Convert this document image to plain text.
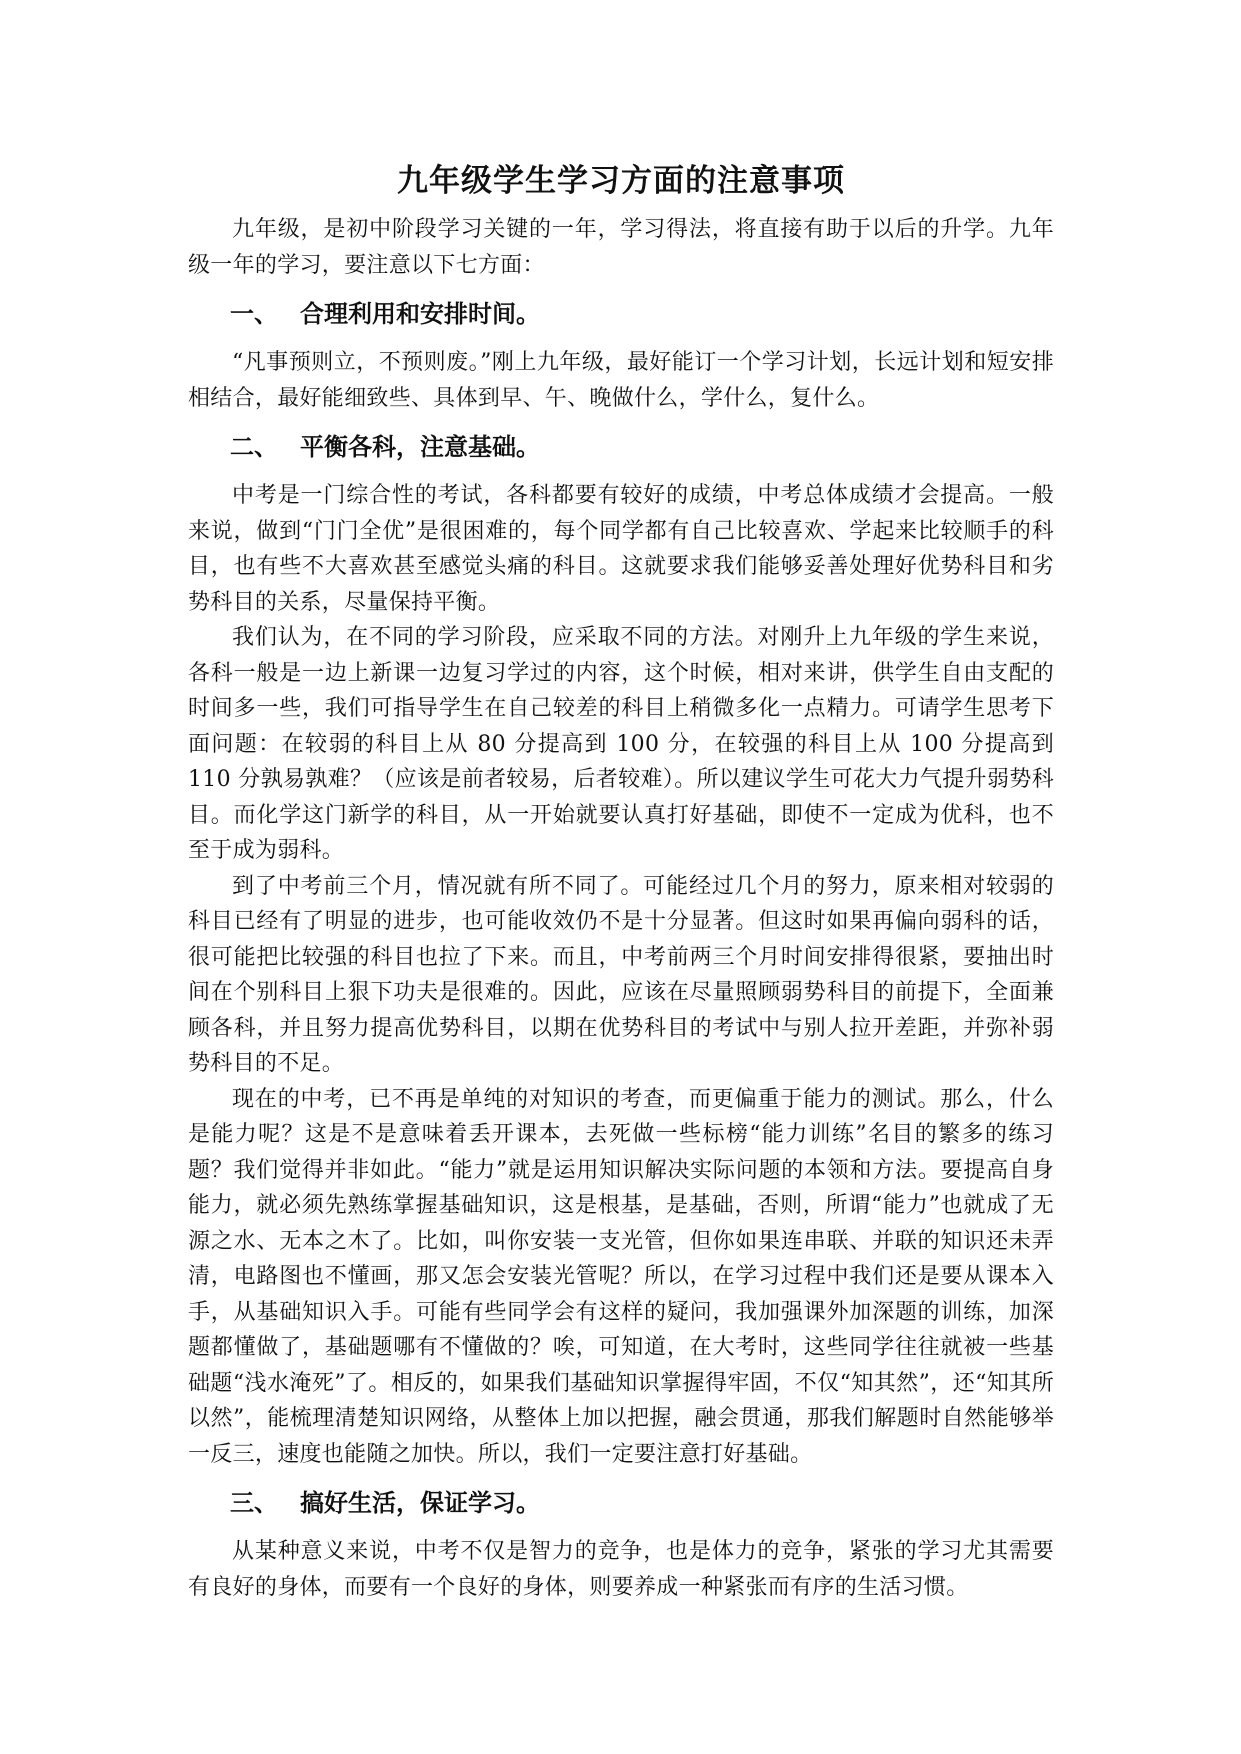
九年级学生学习方面的注意事项

九年级，是初中阶段学习关键的一年，学习得法，将直接有助于以后的升学。九年级一年的学习，要注意以下七方面：

一、 合理利用和安排时间。

“凡事预则立，不预则废。”刚上九年级，最好能订一个学习计划，长远计划和短安排相结合，最好能细致些、具体到早、午、晚做什么，学什么，复什么。

二、 平衡各科，注意基础。

中考是一门综合性的考试，各科都要有较好的成绩，中考总体成绩才会提高。一般来说，做到“门门全优”是很困难的，每个同学都有自己比较喜欢、学起来比较顺手的科目，也有些不大喜欢甚至感觉头痛的科目。这就要求我们能够妥善处理好优势科目和劣势科目的关系，尽量保持平衡。

我们认为，在不同的学习阶段，应采取不同的方法。对刚升上九年级的学生来说，各科一般是一边上新课一边复习学过的内容，这个时候，相对来讲，供学生自由支配的时间多一些，我们可指导学生在自己较差的科目上稍微多化一点精力。可请学生思考下面问题：在较弱的科目上从 80 分提高到 100 分，在较强的科目上从 100 分提高到 110 分孰易孰难？（应该是前者较易，后者较难）。所以建议学生可花大力气提升弱势科目。而化学这门新学的科目，从一开始就要认真打好基础，即使不一定成为优科，也不至于成为弱科。

到了中考前三个月，情况就有所不同了。可能经过几个月的努力，原来相对较弱的科目已经有了明显的进步，也可能收效仍不是十分显著。但这时如果再偏向弱科的话，很可能把比较强的科目也拉了下来。而且，中考前两三个月时间安排得很紧，要抽出时间在个别科目上狠下功夫是很难的。因此，应该在尽量照顾弱势科目的前提下，全面兼顾各科，并且努力提高优势科目，以期在优势科目的考试中与别人拉开差距，并弥补弱势科目的不足。

现在的中考，已不再是单纯的对知识的考查，而更偏重于能力的测试。那么，什么是能力呢？这是不是意味着丢开课本，去死做一些标榜“能力训练”名目的繁多的练习题？我们觉得并非如此。“能力”就是运用知识解决实际问题的本领和方法。要提高自身能力，就必须先熟练掌握基础知识，这是根基，是基础，否则，所谓“能力”也就成了无源之水、无本之木了。比如，叫你安装一支光管，但你如果连串联、并联的知识还未弄清，电路图也不懂画，那又怎会安装光管呢？所以，在学习过程中我们还是要从课本入手，从基础知识入手。可能有些同学会有这样的疑问，我加强课外加深题的训练，加深题都懂做了，基础题哪有不懂做的？唉，可知道，在大考时，这些同学往往就被一些基础题“浅水淹死”了。相反的，如果我们基础知识掌握得牢固，不仅“知其然”，还“知其所以然”，能梳理清楚知识网络，从整体上加以把握，融会贯通，那我们解题时自然能够举一反三，速度也能随之加快。所以，我们一定要注意打好基础。

三、 搞好生活，保证学习。

从某种意义来说，中考不仅是智力的竞争，也是体力的竞争，紧张的学习尤其需要有良好的身体，而要有一个良好的身体，则要养成一种紧张而有序的生活习惯。
